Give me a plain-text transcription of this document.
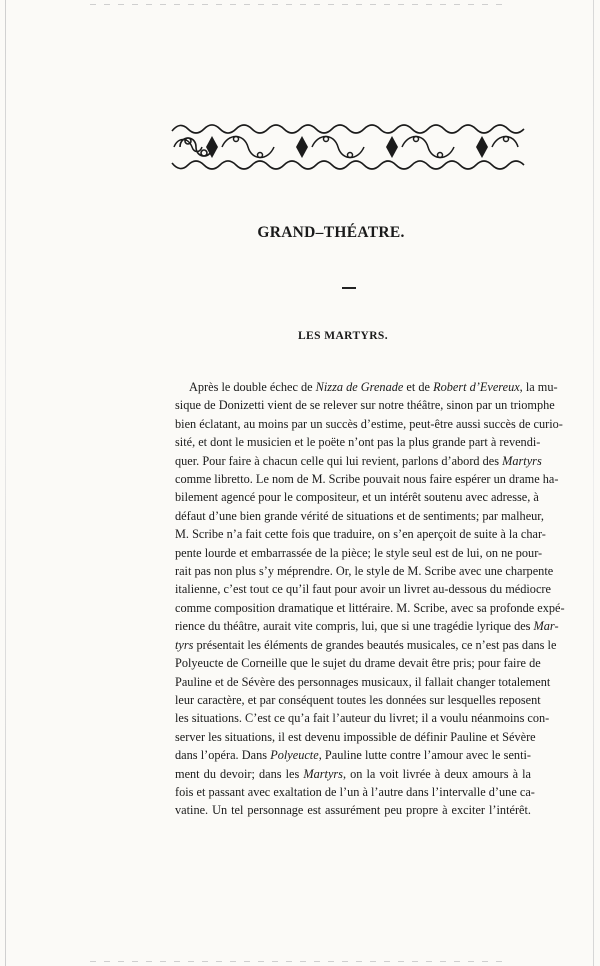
GRAND–THÉATRE.
LES MARTYRS.
Après le double échec de Nizza de Grenade et de Robert d’Evereux, la mu-
sique de Donizetti vient de se relever sur notre théâtre, sinon par un triomphe
bien éclatant, au moins par un succès d’estime, peut-être aussi succès de curio-
sité, et dont le musicien et le poëte n’ont pas la plus grande part à revendi-
quer. Pour faire à chacun celle qui lui revient, parlons d’abord des Martyrs
comme libretto. Le nom de M. Scribe pouvait nous faire espérer un drame ha-
bilement agencé pour le compositeur, et un intérêt soutenu avec adresse, à
défaut d’une bien grande vérité de situations et de sentiments; par malheur,
M. Scribe n’a fait cette fois que traduire, on s’en aperçoit de suite à la char-
pente lourde et embarrassée de la pièce; le style seul est de lui, on ne pour-
rait pas non plus s’y méprendre. Or, le style de M. Scribe avec une charpente
italienne, c’est tout ce qu’il faut pour avoir un livret au-dessous du médiocre
comme composition dramatique et littéraire. M. Scribe, avec sa profonde expé-
rience du théâtre, aurait vite compris, lui, que si une tragédie lyrique des Mar-
tyrs présentait les éléments de grandes beautés musicales, ce n’est pas dans le
Polyeucte de Corneille que le sujet du drame devait être pris; pour faire de
Pauline et de Sévère des personnages musicaux, il fallait changer totalement
leur caractère, et par conséquent toutes les données sur lesquelles reposent
les situations. C’est ce qu’a fait l’auteur du livret; il a voulu néanmoins con-
server les situations, il est devenu impossible de définir Pauline et Sévère
dans l’opéra. Dans Polyeucte, Pauline lutte contre l’amour avec le senti-
ment du devoir; dans les Martyrs, on la voit livrée à deux amours à la
fois et passant avec exaltation de l’un à l’autre dans l’intervalle d’une ca-
vatine. Un tel personnage est assurément peu propre à exciter l’intérêt.
